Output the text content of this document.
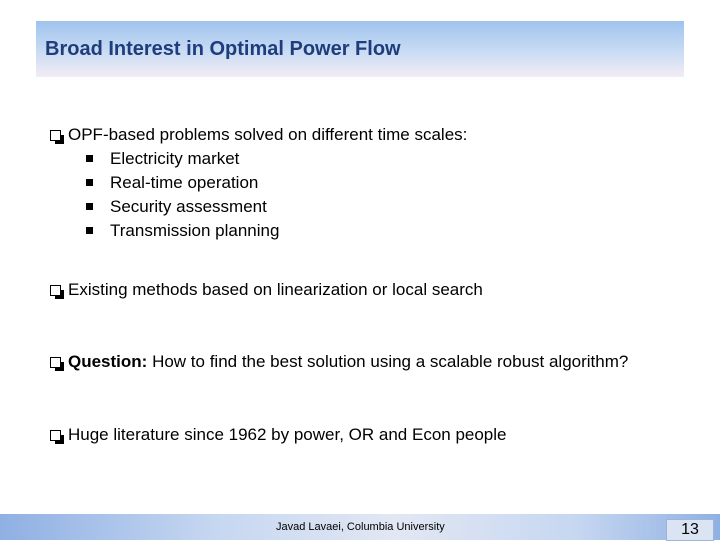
Broad Interest in Optimal Power Flow
OPF-based problems solved on different time scales:
Electricity market
Real-time operation
Security assessment
Transmission planning
Existing methods based on linearization or local search
Question: How to find the best solution using a scalable robust algorithm?
Huge literature since 1962 by power, OR and Econ people
Javad Lavaei, Columbia University	13
